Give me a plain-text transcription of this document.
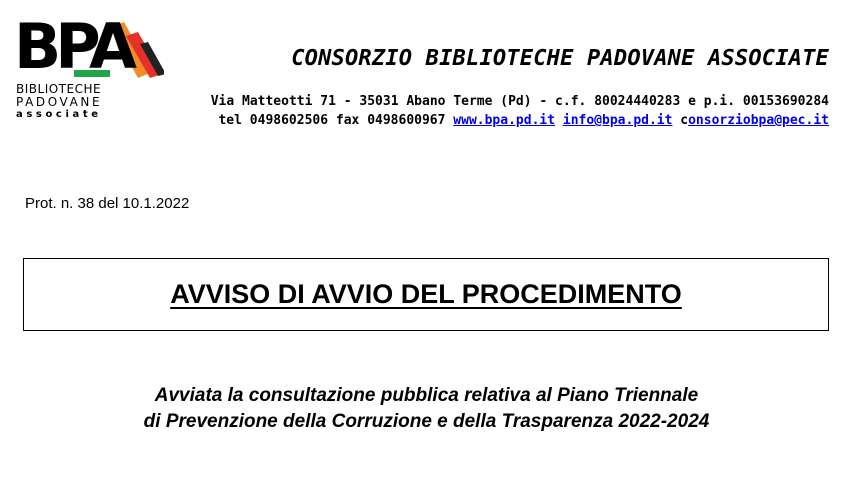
BPA
BIBLIOTECHE
PADOVANE
associate
CONSORZIO BIBLIOTECHE PADOVANE ASSOCIATE
Via Matteotti 71 - 35031 Abano Terme (Pd) - c.f. 80024440283 e p.i. 00153690284
tel 0498602506 fax 0498600967 www.bpa.pd.it info@bpa.pd.it consorziobpa@pec.it
Prot. n. 38 del 10.1.2022
AVVISO DI AVVIO DEL PROCEDIMENTO
Avviata la consultazione pubblica relativa al Piano Triennale
di Prevenzione della Corruzione e della Trasparenza 2022-2024
